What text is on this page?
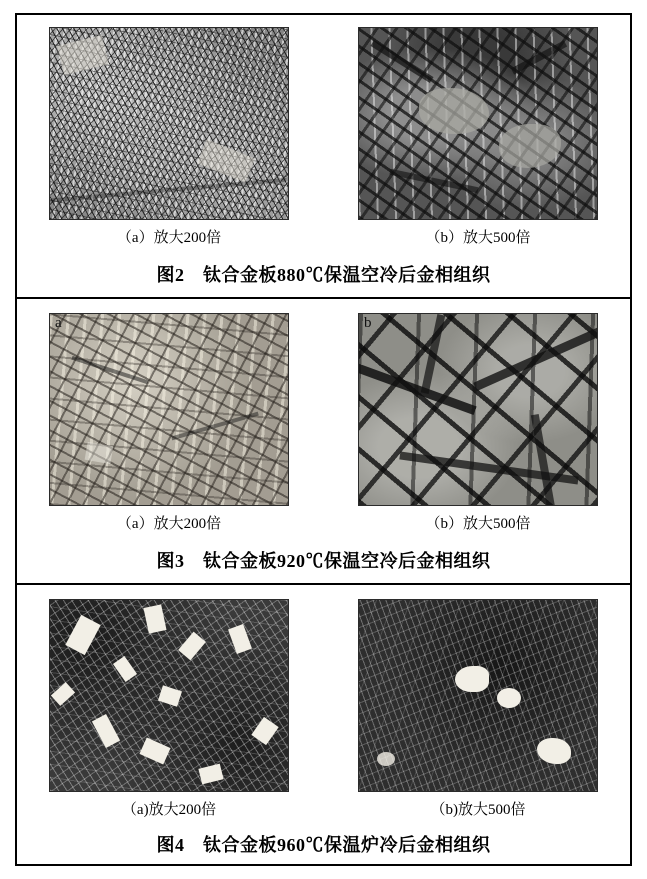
（a）放大200倍	（b）放大500倍
图2　钛合金板880℃保温空冷后金相组织
a	b
（a）放大200倍	（b）放大500倍
图3　钛合金板920℃保温空冷后金相组织
（a)放大200倍	（b)放大500倍
图4　钛合金板960℃保温炉冷后金相组织
